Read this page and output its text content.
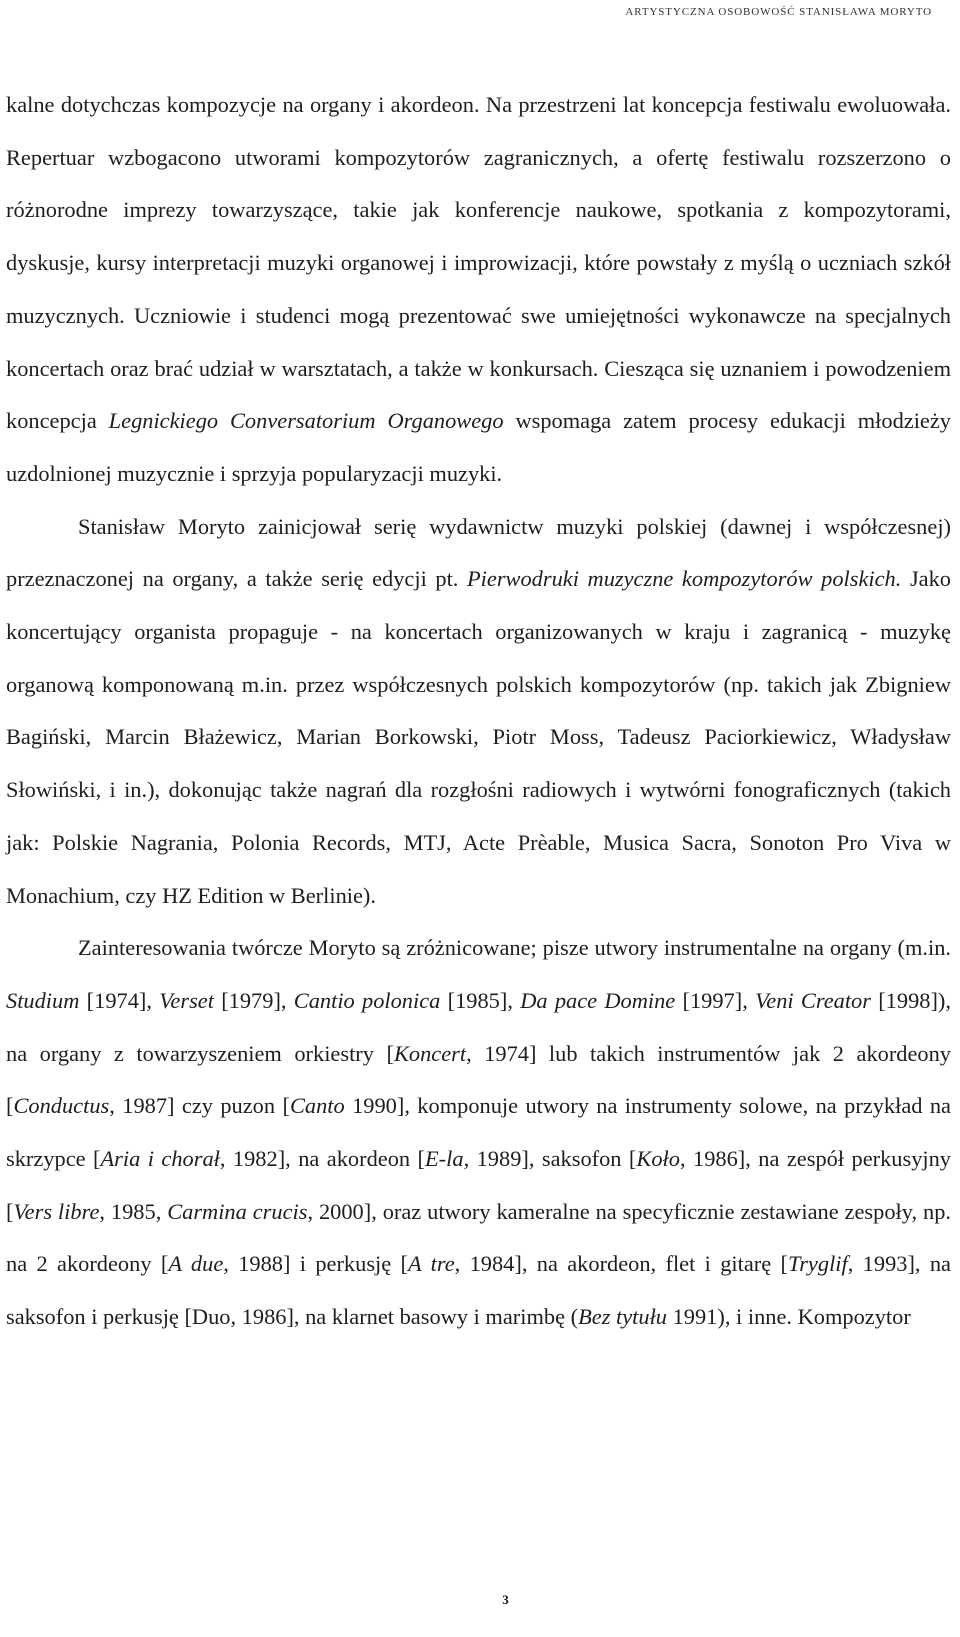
ARTYSTYCZNA OSOBOWOŚĆ STANISŁAWA MORYTO

kalne dotychczas kompozycje na organy i akordeon. Na przestrzeni lat koncepcja festiwalu ewoluowała. Repertuar wzbogacono utworami kompozytorów zagranicznych, a ofertę festiwalu rozszerzono o różnorodne imprezy towarzyszące, takie jak konferencje naukowe, spotkania z kompozytorami, dyskusje, kursy interpretacji muzyki organowej i improwizacji, które powstały z myślą o uczniach szkół muzycznych. Uczniowie i studenci mogą prezentować swe umiejętności wykonawcze na specjalnych koncertach oraz brać udział w warsztatach, a także w konkursach. Ciesząca się uznaniem i powodzeniem koncepcja Legnickiego Conversatorium Organowego wspomaga zatem procesy edukacji młodzieży uzdolnionej muzycznie i sprzyja popularyzacji muzyki.

Stanisław Moryto zainicjował serię wydawnictw muzyki polskiej (dawnej i współczesnej) przeznaczonej na organy, a także serię edycji pt. Pierwodruki muzyczne kompozytorów polskich. Jako koncertujący organista propaguje - na koncertach organizowanych w kraju i zagranicą - muzykę organową komponowaną m.in. przez współczesnych polskich kompozytorów (np. takich jak Zbigniew Bagiński, Marcin Błażewicz, Marian Borkowski, Piotr Moss, Tadeusz Paciorkiewicz, Władysław Słowiński, i in.), dokonując także nagrań dla rozgłośni radiowych i wytwórni fonograficznych (takich jak: Polskie Nagrania, Polonia Records, MTJ, Acte Prèable, Musica Sacra, Sonoton Pro Viva w Monachium, czy HZ Edition w Berlinie).

Zainteresowania twórcze Moryto są zróżnicowane; pisze utwory instrumentalne na organy (m.in. Studium [1974], Verset [1979], Cantio polonica [1985], Da pace Domine [1997], Veni Creator [1998]), na organy z towarzyszeniem orkiestry [Koncert, 1974] lub takich instrumentów jak 2 akordeony [Conductus, 1987] czy puzon [Canto 1990], komponuje utwory na instrumenty solowe, na przykład na skrzypce [Aria i chorał, 1982], na akordeon [E-la, 1989], saksofon [Koło, 1986], na zespół perkusyjny [Vers libre, 1985, Carmina crucis, 2000], oraz utwory kameralne na specyficznie zestawiane zespoły, np. na 2 akordeony [A due, 1988] i perkusję [A tre, 1984], na akordeon, flet i gitarę [Tryglif, 1993], na saksofon i perkusję [Duo, 1986], na klarnet basowy i marimbę (Bez tytułu 1991), i inne. Kompozytor

3
